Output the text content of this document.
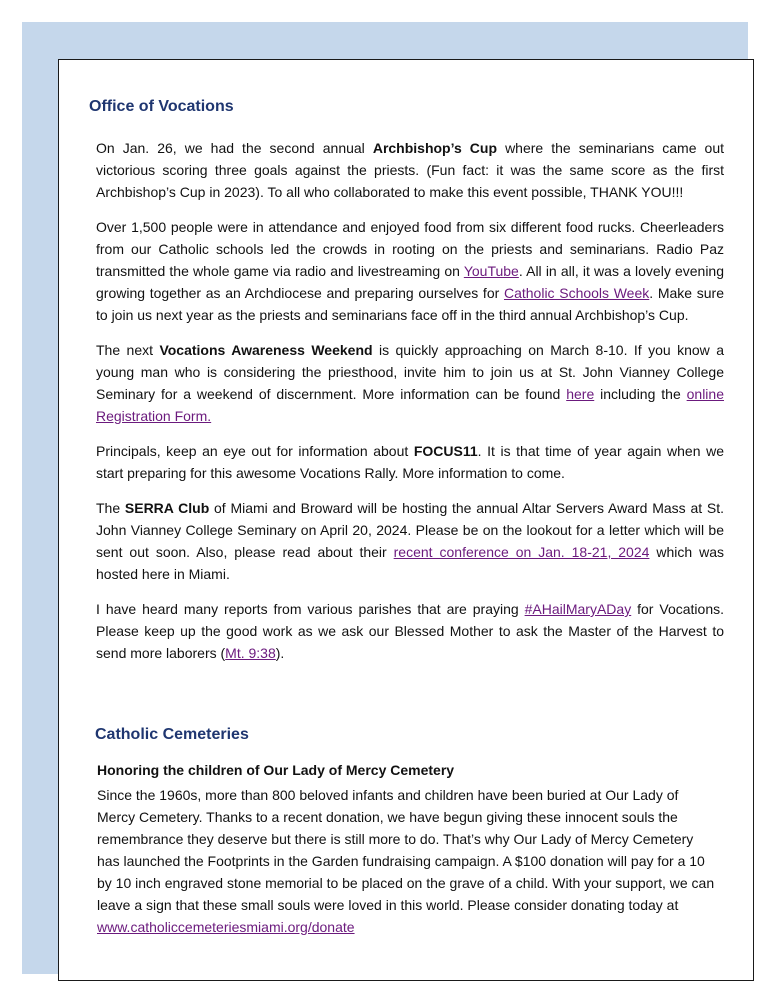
Office of Vocations

On Jan. 26, we had the second annual Archbishop’s Cup where the seminarians came out victorious scoring three goals against the priests. (Fun fact: it was the same score as the first Archbishop’s Cup in 2023). To all who collaborated to make this event possible, THANK YOU!!!

Over 1,500 people were in attendance and enjoyed food from six different food rucks. Cheerleaders from our Catholic schools led the crowds in rooting on the priests and seminarians. Radio Paz transmitted the whole game via radio and livestreaming on YouTube. All in all, it was a lovely evening growing together as an Archdiocese and preparing ourselves for Catholic Schools Week. Make sure to join us next year as the priests and seminarians face off in the third annual Archbishop’s Cup.

The next Vocations Awareness Weekend is quickly approaching on March 8-10. If you know a young man who is considering the priesthood, invite him to join us at St. John Vianney College Seminary for a weekend of discernment. More information can be found here including the online Registration Form.

Principals, keep an eye out for information about FOCUS11. It is that time of year again when we start preparing for this awesome Vocations Rally. More information to come.

The SERRA Club of Miami and Broward will be hosting the annual Altar Servers Award Mass at St. John Vianney College Seminary on April 20, 2024. Please be on the lookout for a letter which will be sent out soon. Also, please read about their recent conference on Jan. 18-21, 2024 which was hosted here in Miami.

I have heard many reports from various parishes that are praying #AHailMaryADay for Vocations. Please keep up the good work as we ask our Blessed Mother to ask the Master of the Harvest to send more laborers (Mt. 9:38).

Catholic Cemeteries

Honoring the children of Our Lady of Mercy Cemetery

Since the 1960s, more than 800 beloved infants and children have been buried at Our Lady of Mercy Cemetery. Thanks to a recent donation, we have begun giving these innocent souls the remembrance they deserve but there is still more to do. That’s why Our Lady of Mercy Cemetery has launched the Footprints in the Garden fundraising campaign. A $100 donation will pay for a 10 by 10 inch engraved stone memorial to be placed on the grave of a child. With your support, we can leave a sign that these small souls were loved in this world. Please consider donating today at www.catholiccemeteriesmiami.org/donate
